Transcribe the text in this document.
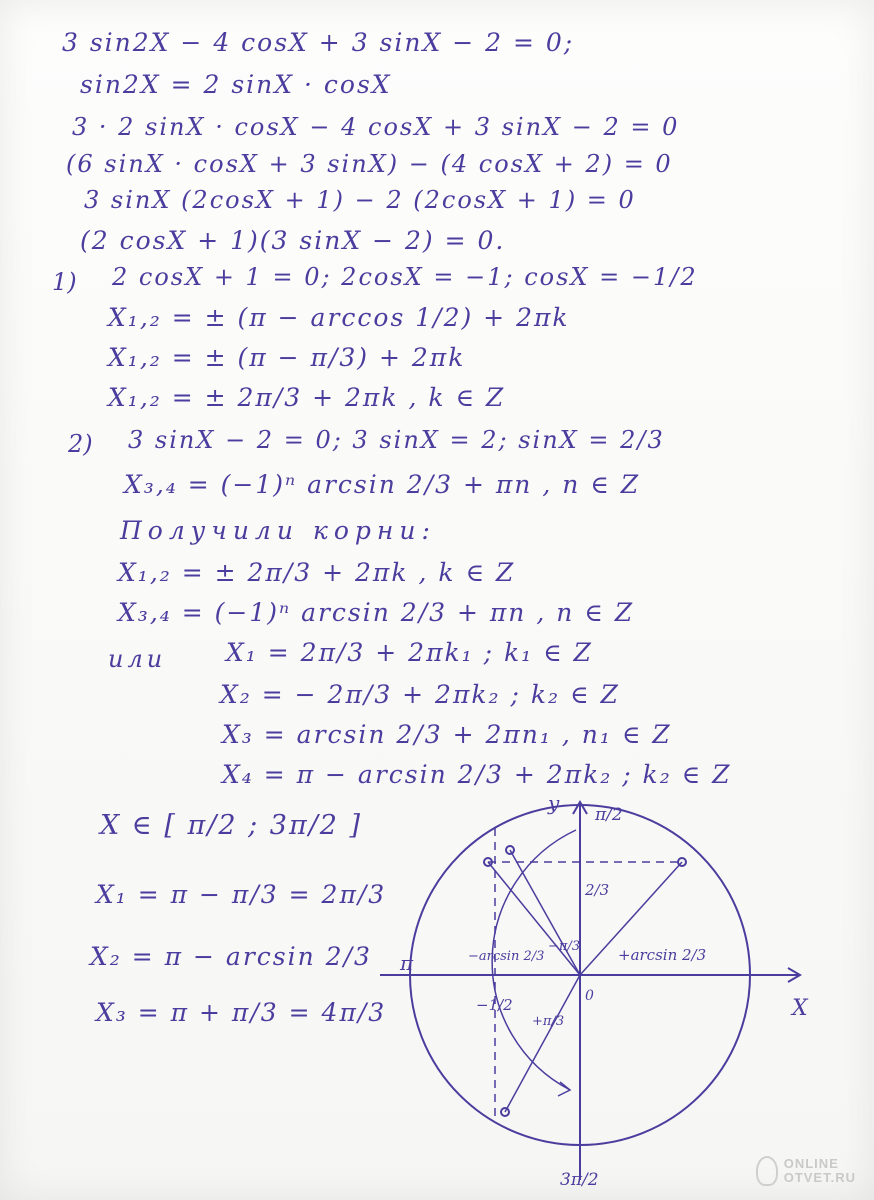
3 sin2X − 4 cosX + 3 sinX − 2 = 0;
sin2X = 2 sinX · cosX
3 · 2 sinX · cosX − 4 cosX + 3 sinX − 2 = 0
(6 sinX · cosX + 3 sinX) − (4 cosX + 2) = 0
3 sinX (2cosX + 1) − 2 (2cosX + 1) = 0
(2 cosX + 1)(3 sinX − 2) = 0.
1) 2 cosX + 1 = 0; 2cosX = −1; cosX = −1/2
X₁,₂ = ± (π − arccos 1/2) + 2πk
X₁,₂ = ± (π − π/3) + 2πk
X₁,₂ = ± 2π/3 + 2πk , k ∈ Z
2) 3 sinX − 2 = 0; 3 sinX = 2; sinX = 2/3
X₃,₄ = (−1)ⁿ arcsin 2/3 + πn , n ∈ Z
Получили корни:
X₁,₂ = ± 2π/3 + 2πk , k ∈ Z
X₃,₄ = (−1)ⁿ arcsin 2/3 + πn , n ∈ Z
или X₁ = 2π/3 + 2πk₁ ; k₁ ∈ Z
X₂ = − 2π/3 + 2πk₂ ; k₂ ∈ Z
X₃ = arcsin 2/3 + 2πn₁ , n₁ ∈ Z
X₄ = π − arcsin 2/3 + 2πk₂ ; k₂ ∈ Z
X ∈ [ π/2 ; 3π/2 ]
X₁ = π − π/3 = 2π/3
X₂ = π − arcsin 2/3
X₃ = π + π/3 = 4π/3
y
X
π/2
3π/2
π
0
2/3
−1/2
−π/3
+π/3
+arcsin 2/3
−arcsin 2/3
ONLINE
OTVET.RU
